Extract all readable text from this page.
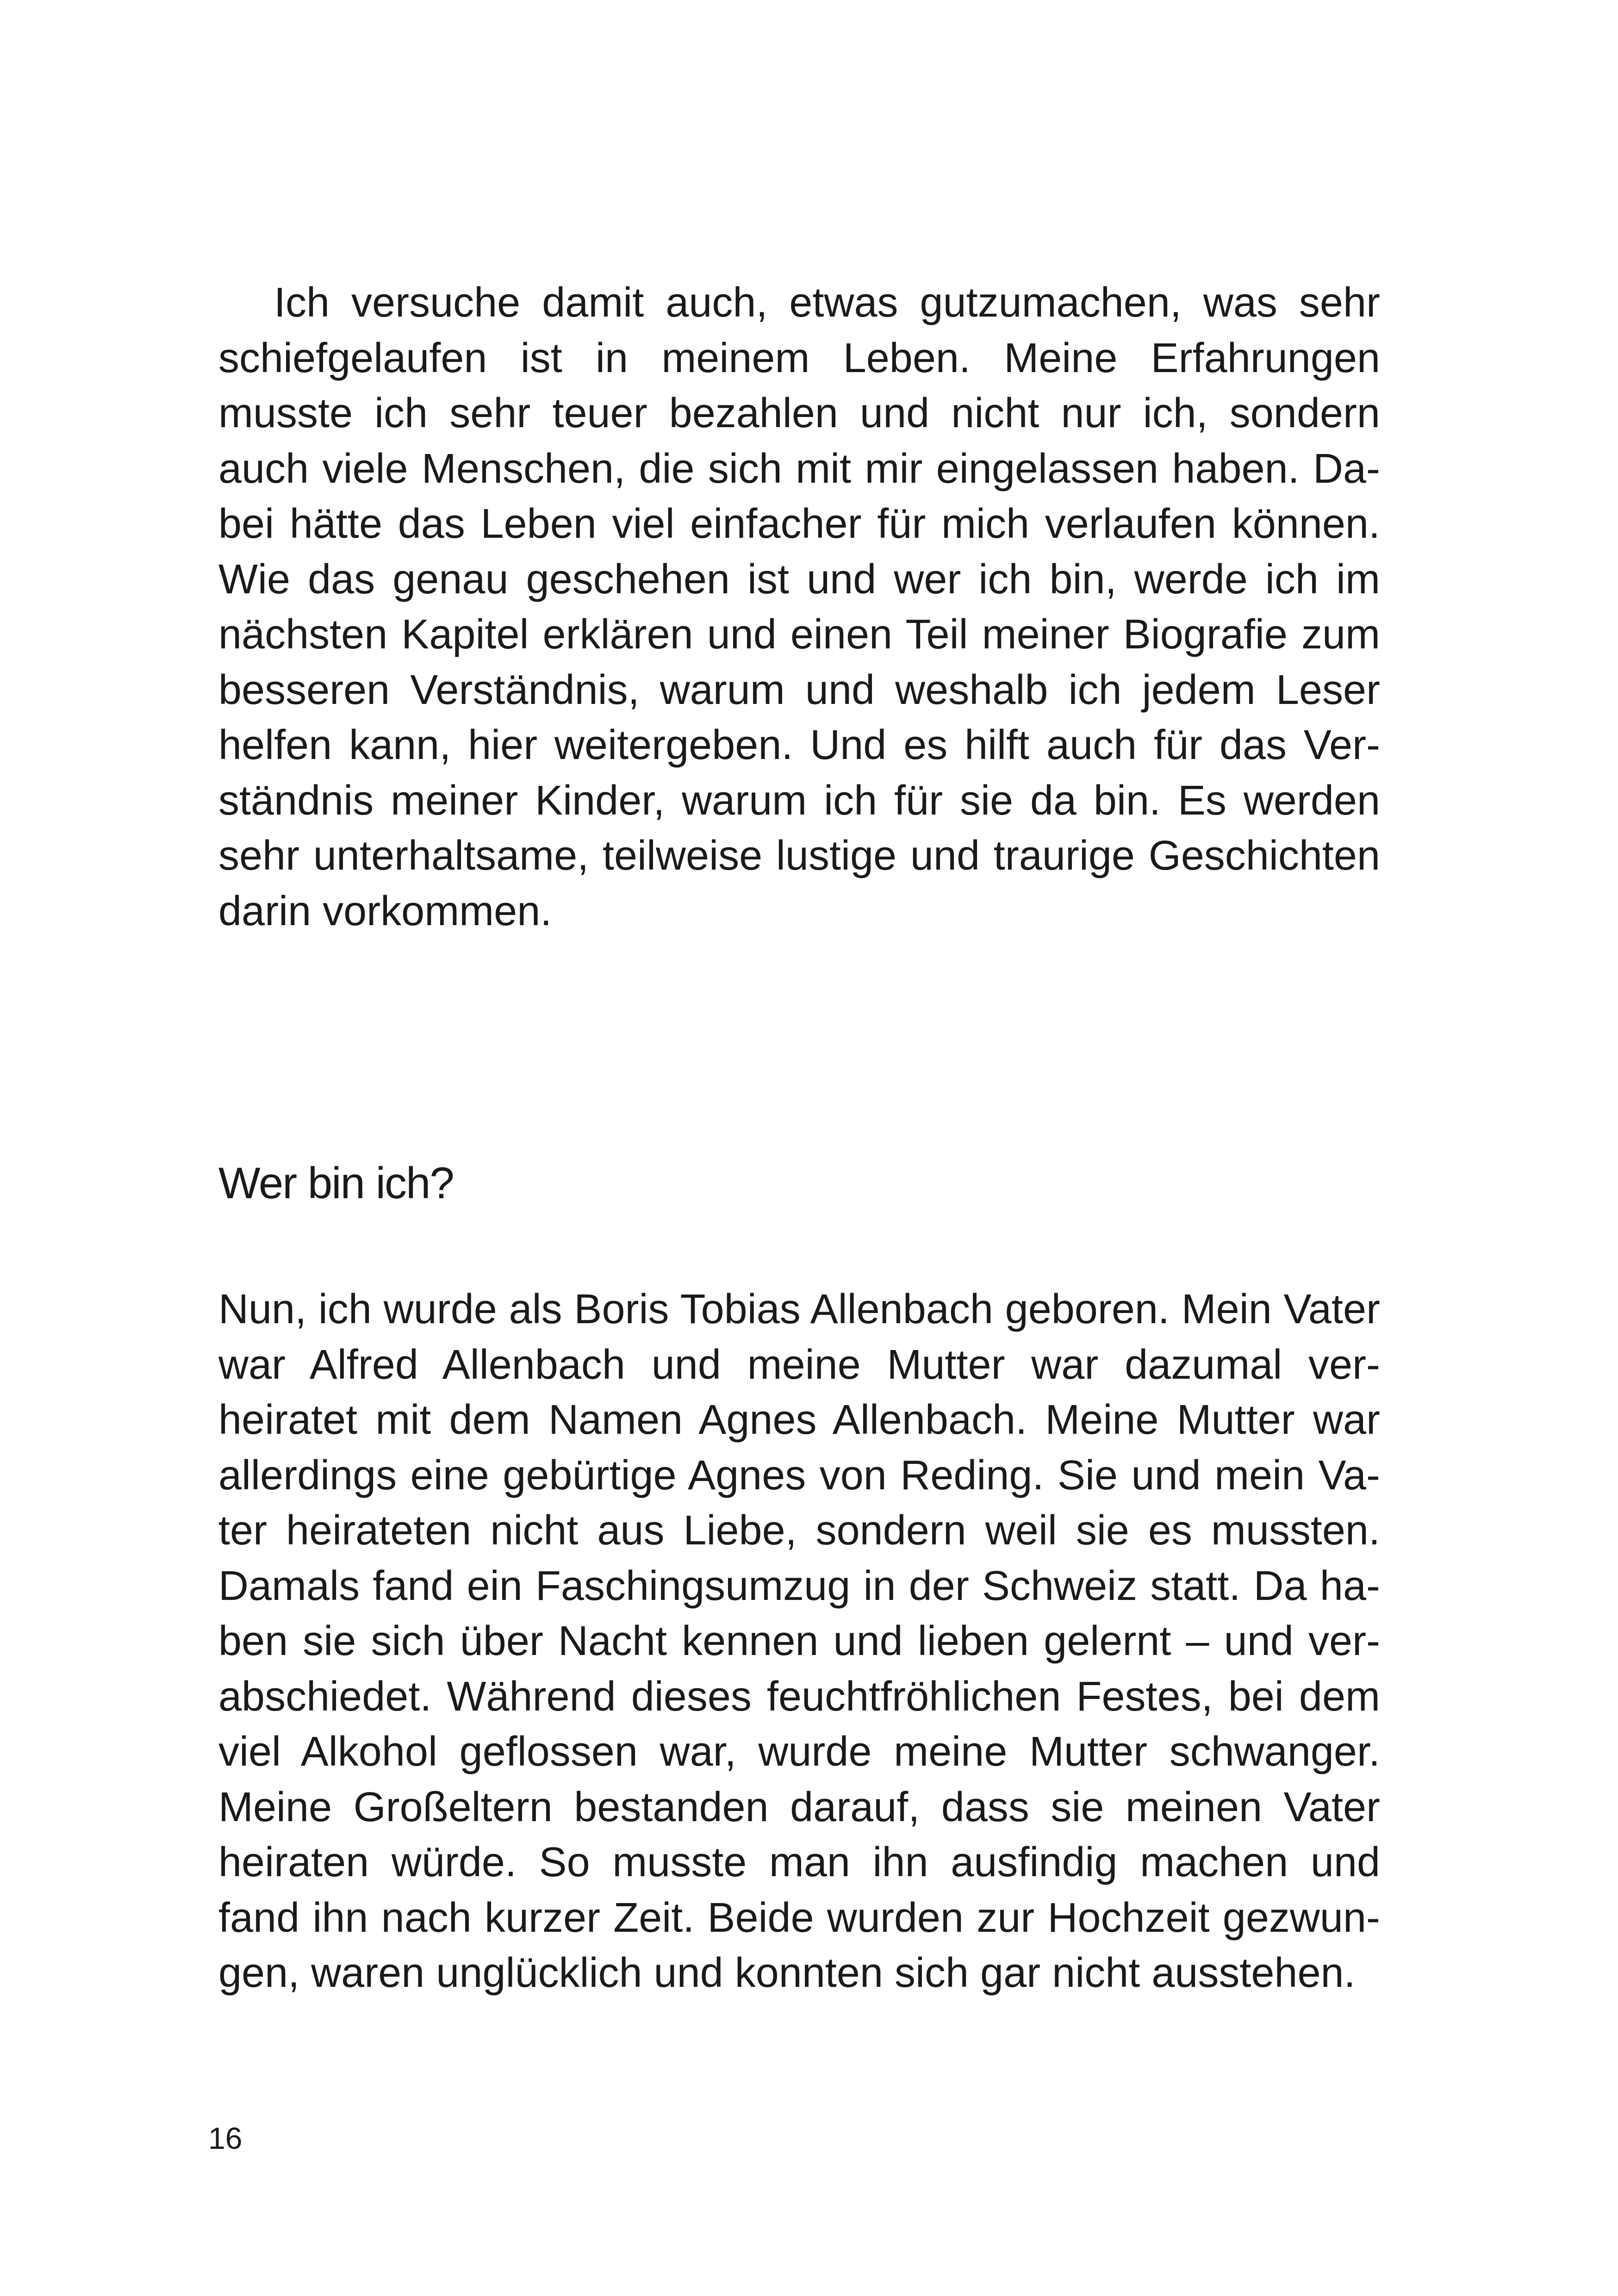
Ich versuche damit auch, etwas gutzumachen, was sehr schiefgelaufen ist in meinem Leben. Meine Erfahrungen musste ich sehr teuer bezahlen und nicht nur ich, sondern auch viele Menschen, die sich mit mir eingelassen haben. Dabei hätte das Leben viel einfacher für mich verlaufen können. Wie das genau geschehen ist und wer ich bin, werde ich im nächsten Kapitel erklären und einen Teil meiner Biografie zum besseren Verständnis, warum und weshalb ich jedem Leser helfen kann, hier weitergeben. Und es hilft auch für das Verständnis meiner Kinder, warum ich für sie da bin. Es werden sehr unterhaltsame, teilweise lustige und traurige Geschichten darin vorkommen.

Wer bin ich?

Nun, ich wurde als Boris Tobias Allenbach geboren. Mein Vater war Alfred Allenbach und meine Mutter war dazumal verheiratet mit dem Namen Agnes Allenbach. Meine Mutter war allerdings eine gebürtige Agnes von Reding. Sie und mein Vater heirateten nicht aus Liebe, sondern weil sie es mussten. Damals fand ein Faschingsumzug in der Schweiz statt. Da haben sie sich über Nacht kennen und lieben gelernt – und verabschiedet. Während dieses feuchtfröhlichen Festes, bei dem viel Alkohol geflossen war, wurde meine Mutter schwanger. Meine Großeltern bestanden darauf, dass sie meinen Vater heiraten würde. So musste man ihn ausfindig machen und fand ihn nach kurzer Zeit. Beide wurden zur Hochzeit gezwungen, waren unglücklich und konnten sich gar nicht ausstehen.

16
